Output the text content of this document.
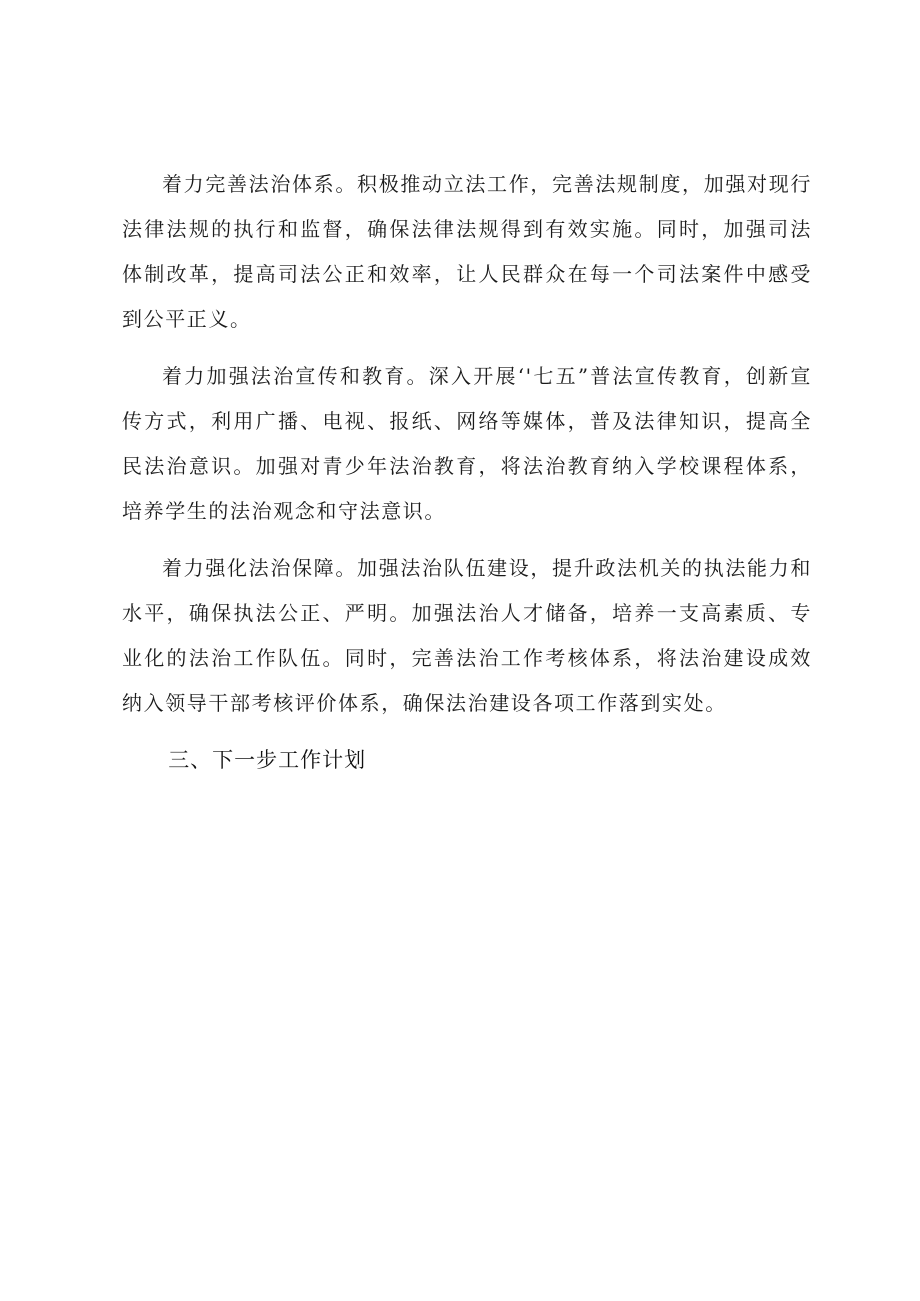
着力完善法治体系。积极推动立法工作，完善法规制度，加强对现行法律法规的执行和监督，确保法律法规得到有效实施。同时，加强司法体制改革，提高司法公正和效率，让人民群众在每一个司法案件中感受到公平正义。

着力加强法治宣传和教育。深入开展‘'七五”普法宣传教育，创新宣传方式，利用广播、电视、报纸、网络等媒体，普及法律知识，提高全民法治意识。加强对青少年法治教育，将法治教育纳入学校课程体系，培养学生的法治观念和守法意识。

着力强化法治保障。加强法治队伍建设，提升政法机关的执法能力和水平，确保执法公正、严明。加强法治人才储备，培养一支高素质、专业化的法治工作队伍。同时，完善法治工作考核体系，将法治建设成效纳入领导干部考核评价体系，确保法治建设各项工作落到实处。

三、下一步工作计划
